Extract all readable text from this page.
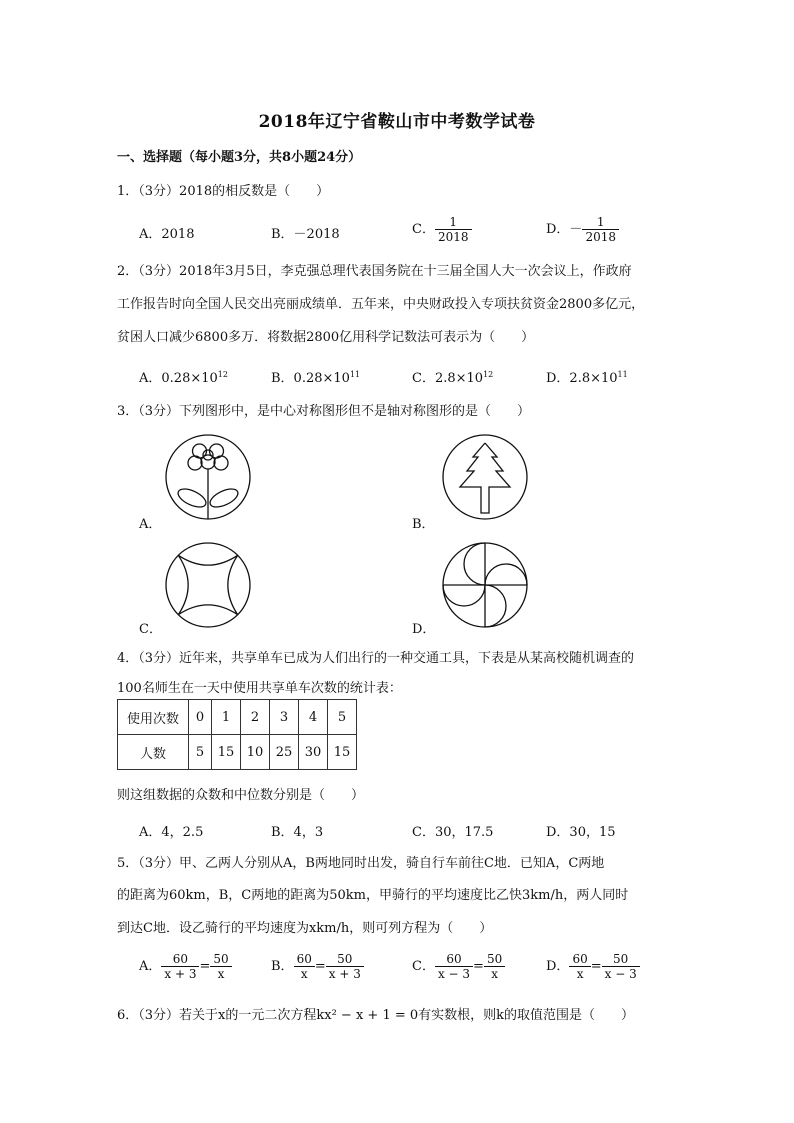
2018年辽宁省鞍山市中考数学试卷
一、选择题（每小题3分，共8小题24分）
1．（3分）2018的相反数是（　　）
A．2018	B．－2018	C． $\frac{1}{2018}$	D．－ $\frac{1}{2018}$
2．（3分）2018年3月5日，李克强总理代表国务院在十三届全国人大一次会议上，作政府
工作报告时向全国人民交出亮丽成绩单．五年来，中央财政投入专项扶贫资金2800多亿元，
贫困人口减少6800多万．将数据2800亿用科学记数法可表示为（　　）
A．$0.28\times 10^{12}$	B．$0.28\times 10^{11}$	C．$2.8\times 10^{12}$	D．$2.8\times 10^{11}$
3．（3分）下列图形中，是中心对称图形但不是轴对称图形的是（　　）
A．	B．
C．	D．
4．（3分）近年来，共享单车已成为人们出行的一种交通工具，下表是从某高校随机调查的
100名师生在一天中使用共享单车次数的统计表：
使用次数	0	1	2	3	4	5
人数	5	15	10	25	30	15
则这组数据的众数和中位数分别是（　　）
A．4，2.5	B．4，3	C．30，17.5	D．30，15
5．（3分）甲、乙两人分别从A，B两地同时出发，骑自行车前往C地．已知A，C两地
的距离为60km，B，C两地的距离为50km，甲骑行的平均速度比乙快3km/h，两人同时
到达C地．设乙骑行的平均速度为xkm/h，则可列方程为（　　）
A． $\frac{60}{x + 3} = \frac{50}{x}$	B． $\frac{60}{x} = \frac{50}{x + 3}$	C． $\frac{60}{x - 3} = \frac{50}{x}$	D． $\frac{60}{x} = \frac{50}{x - 3}$
6．（3分）若关于x的一元二次方程kx² − x + 1 = 0有实数根，则k的取值范围是（　　）
